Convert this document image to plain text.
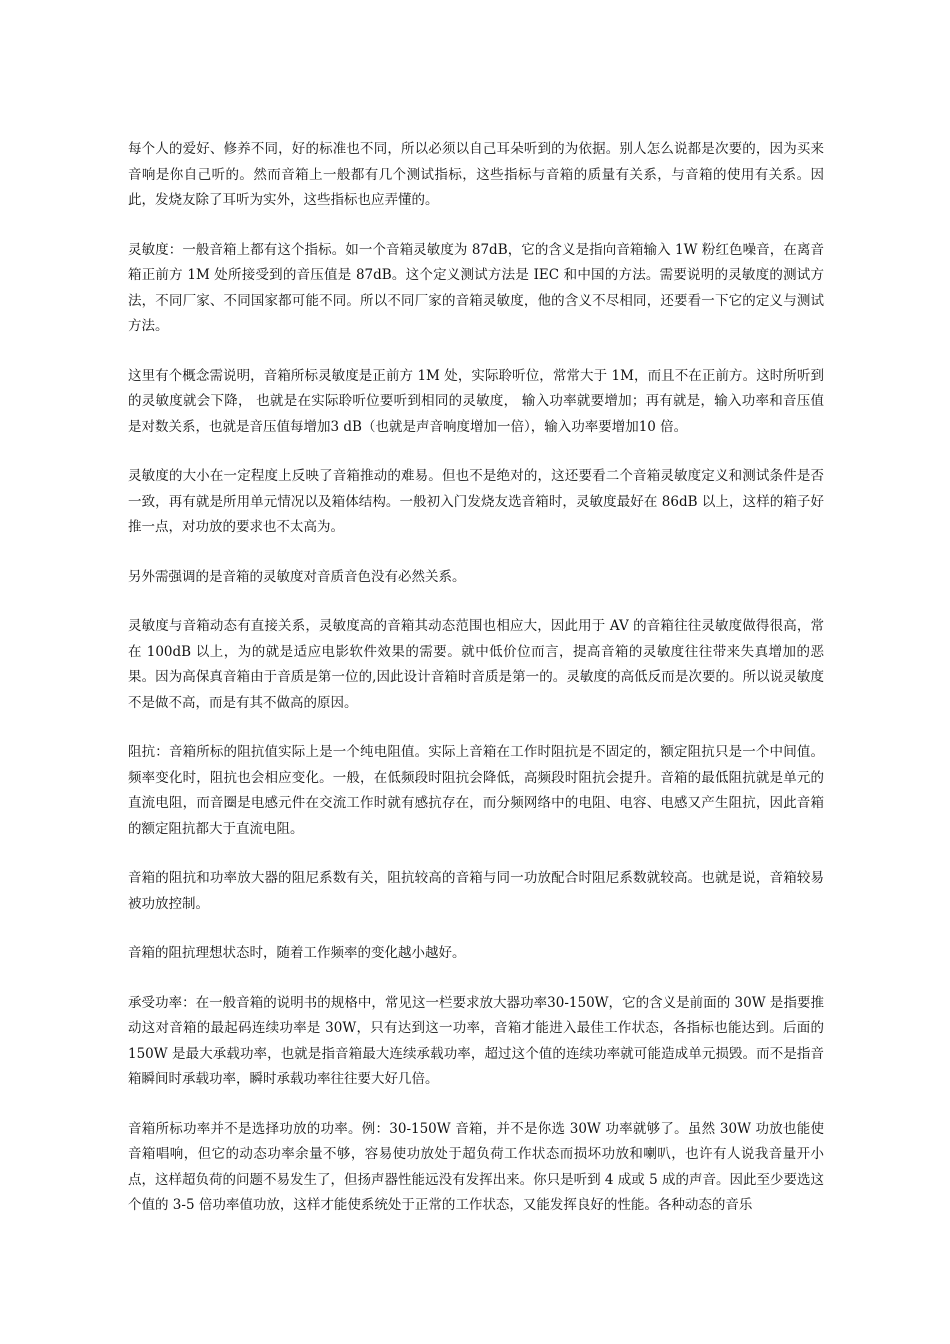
每个人的爱好、修养不同，好的标准也不同，所以必须以自己耳朵听到的为依据。别人怎么说都是次要的，因为买来音响是你自己听的。然而音箱上一般都有几个测试指标，这些指标与音箱的质量有关系，与音箱的使用有关系。因此，发烧友除了耳听为实外，这些指标也应弄懂的。

灵敏度：一般音箱上都有这个指标。如一个音箱灵敏度为 87dB，它的含义是指向音箱输入 1W 粉红色噪音，在离音箱正前方 1M 处所接受到的音压值是 87dB。这个定义测试方法是 IEC 和中国的方法。需要说明的灵敏度的测试方法，不同厂家、不同国家都可能不同。所以不同厂家的音箱灵敏度，他的含义不尽相同，还要看一下它的定义与测试方法。

这里有个概念需说明，音箱所标灵敏度是正前方 1M 处，实际聆听位，常常大于 1M，而且不在正前方。这时所听到的灵敏度就会下降， 也就是在实际聆听位要听到相同的灵敏度， 输入功率就要增加；再有就是，输入功率和音压值是对数关系，也就是音压值每增加3 dB（也就是声音响度增加一倍），输入功率要增加10 倍。

灵敏度的大小在一定程度上反映了音箱推动的难易。但也不是绝对的，这还要看二个音箱灵敏度定义和测试条件是否一致，再有就是所用单元情况以及箱体结构。一般初入门发烧友选音箱时，灵敏度最好在 86dB 以上，这样的箱子好推一点，对功放的要求也不太高为。

另外需强调的是音箱的灵敏度对音质音色没有必然关系。

灵敏度与音箱动态有直接关系，灵敏度高的音箱其动态范围也相应大，因此用于 AV 的音箱往往灵敏度做得很高，常在 100dB 以上，为的就是适应电影软件效果的需要。就中低价位而言，提高音箱的灵敏度往往带来失真增加的恶果。因为高保真音箱由于音质是第一位的,因此设计音箱时音质是第一的。灵敏度的高低反而是次要的。所以说灵敏度不是做不高，而是有其不做高的原因。

阻抗：音箱所标的阻抗值实际上是一个纯电阻值。实际上音箱在工作时阻抗是不固定的，额定阻抗只是一个中间值。频率变化时，阻抗也会相应变化。一般，在低频段时阻抗会降低，高频段时阻抗会提升。音箱的最低阻抗就是单元的直流电阻，而音圈是电感元件在交流工作时就有感抗存在，而分频网络中的电阻、电容、电感又产生阻抗，因此音箱的额定阻抗都大于直流电阻。

音箱的阻抗和功率放大器的阻尼系数有关，阻抗较高的音箱与同一功放配合时阻尼系数就较高。也就是说，音箱较易被功放控制。

音箱的阻抗理想状态时，随着工作频率的变化越小越好。

承受功率：在一般音箱的说明书的规格中，常见这一栏要求放大器功率30-150W，它的含义是前面的 30W 是指要推动这对音箱的最起码连续功率是 30W，只有达到这一功率，音箱才能进入最佳工作状态，各指标也能达到。后面的 150W 是最大承载功率，也就是指音箱最大连续承载功率，超过这个值的连续功率就可能造成单元损毁。而不是指音箱瞬间时承载功率，瞬时承载功率往往要大好几倍。

音箱所标功率并不是选择功放的功率。例：30-150W 音箱，并不是你选 30W 功率就够了。虽然 30W 功放也能使音箱唱响，但它的动态功率余量不够，容易使功放处于超负荷工作状态而损坏功放和喇叭，也许有人说我音量开小点，这样超负荷的问题不易发生了，但扬声器性能远没有发挥出来。你只是听到 4 成或 5 成的声音。因此至少要选这个值的 3-5 倍功率值功放，这样才能使系统处于正常的工作状态，又能发挥良好的性能。各种动态的音乐
